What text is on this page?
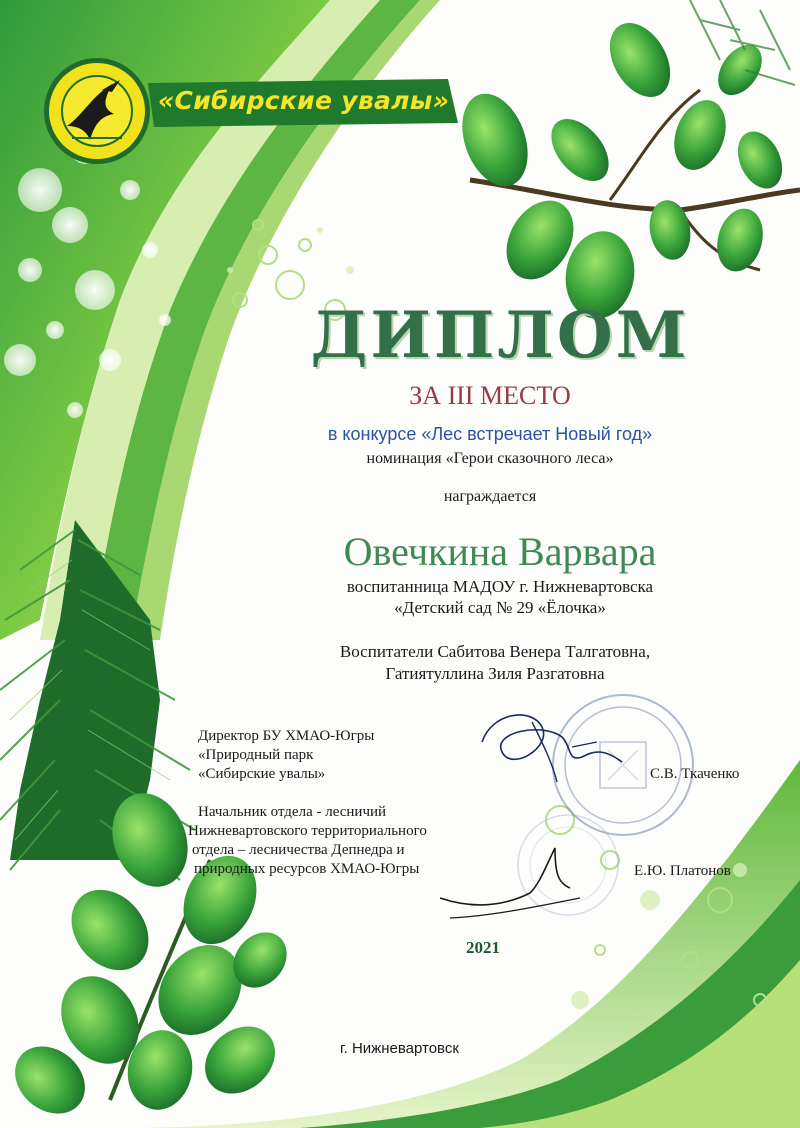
«Сибирские увалы»
ДИПЛОМ
ЗА III МЕСТО
в конкурсе «Лес встречает Новый год»
номинация «Герои сказочного леса»
награждается
Овечкина Варвара
воспитанница МАДОУ г. Нижневартовска
«Детский сад № 29 «Ёлочка»
Воспитатели Сабитова Венера Талгатовна,
Гатиятуллина Зиля Разгатовна
Директор БУ ХМАО-Югры
«Природный парк
«Сибирские увалы»	С.В. Ткаченко
Начальник отдела - лесничий
Нижневартовского территориального
отдела – лесничества Депнедра и
природных ресурсов ХМАО-Югры	Е.Ю. Платонов
2021
г. Нижневартовск
